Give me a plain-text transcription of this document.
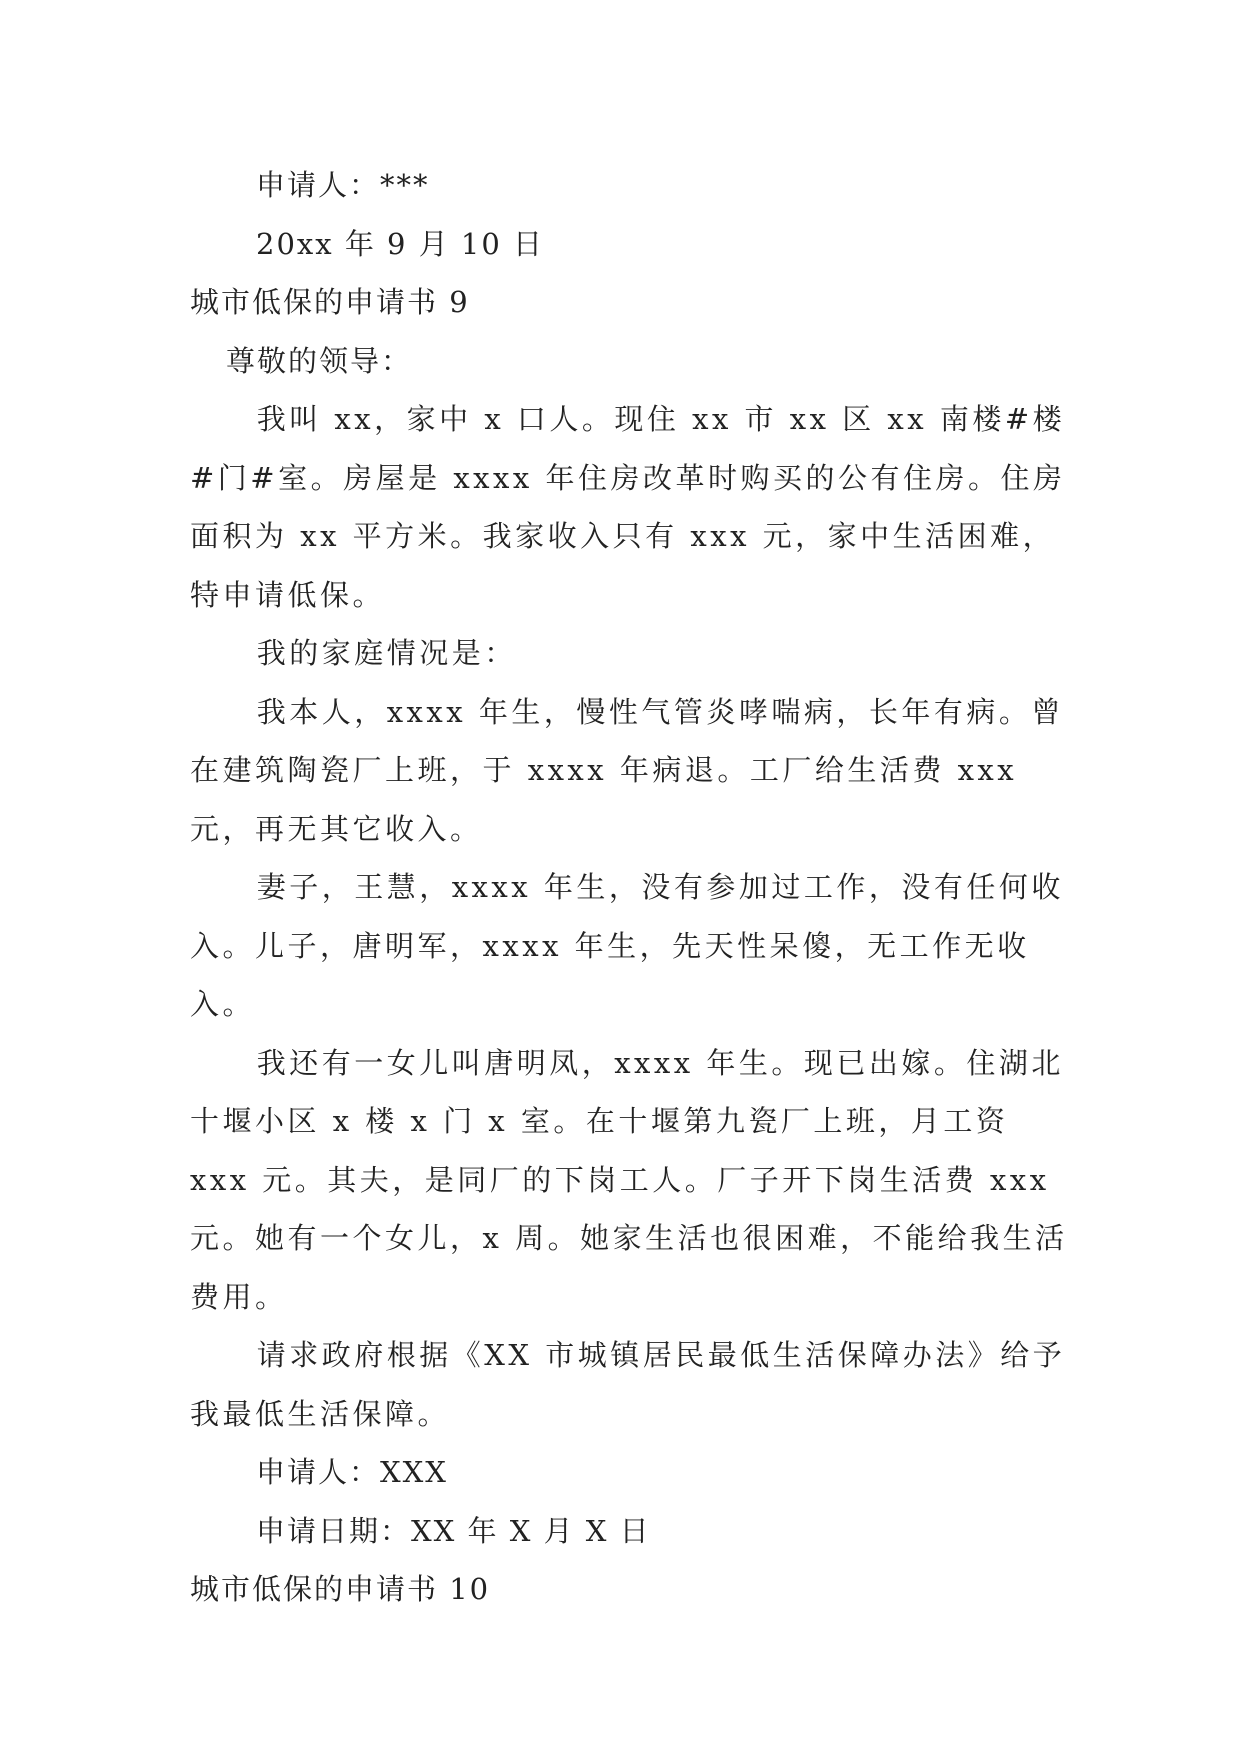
申请人：***
20xx 年 9 月 10 日
城市低保的申请书 9
尊敬的领导：

我叫 xx，家中 x 口人。现住 xx 市 xx 区 xx 南楼#楼#门#室。房屋是 xxxx 年住房改革时购买的公有住房。住房面积为 xx 平方米。我家收入只有 xxx 元，家中生活困难，特申请低保。

我的家庭情况是：

我本人，xxxx 年生，慢性气管炎哮喘病，长年有病。曾在建筑陶瓷厂上班，于 xxxx 年病退。工厂给生活费 xxx 元，再无其它收入。

妻子，王慧，xxxx 年生，没有参加过工作，没有任何收入。儿子，唐明军，xxxx 年生，先天性呆傻，无工作无收入。

我还有一女儿叫唐明凤，xxxx 年生。现已出嫁。住湖北十堰小区 x 楼 x 门 x 室。在十堰第九瓷厂上班，月工资 xxx 元。其夫，是同厂的下岗工人。厂子开下岗生活费 xxx 元。她有一个女儿，x 周。她家生活也很困难，不能给我生活费用。

请求政府根据《XX 市城镇居民最低生活保障办法》给予我最低生活保障。

申请人：XXX
申请日期：XX 年 X 月 X 日
城市低保的申请书 10
